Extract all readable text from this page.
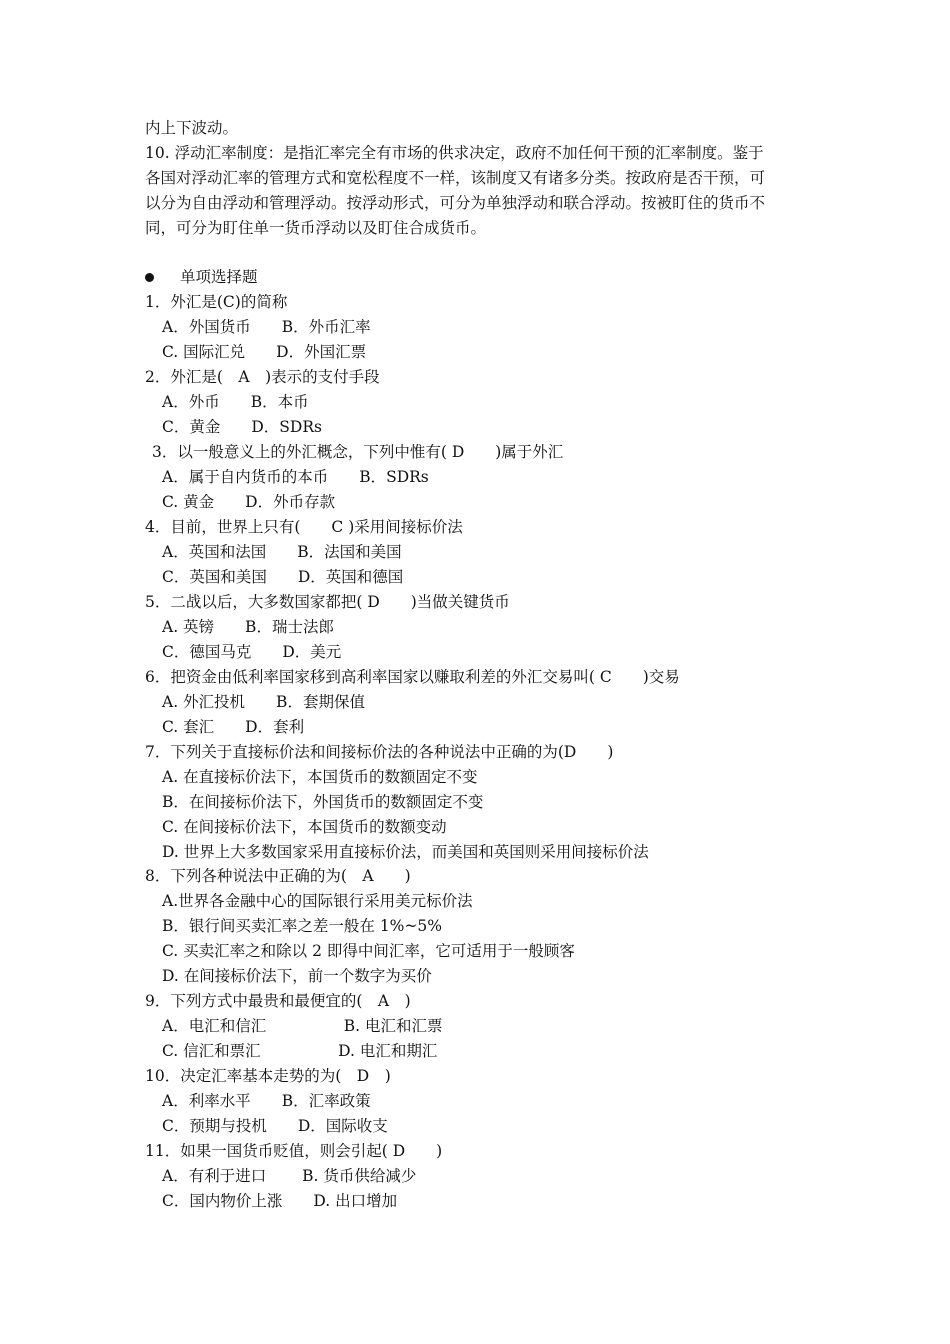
内上下波动。
10. 浮动汇率制度：是指汇率完全有市场的供求决定，政府不加任何干预的汇率制度。鉴于
各国对浮动汇率的管理方式和宽松程度不一样，该制度又有诸多分类。按政府是否干预，可
以分为自由浮动和管理浮动。按浮动形式，可分为单独浮动和联合浮动。按被盯住的货币不
同，可分为盯住单一货币浮动以及盯住合成货币。
单项选择题
1．外汇是(C)的简称
A．外国货币　　B．外币汇率
C. 国际汇兑　　D．外国汇票
2．外汇是(　A　)表示的支付手段
A．外币　　B．本币
C．黄金　　D．SDRs
3．以一般意义上的外汇概念，下列中惟有( D　　)属于外汇
A．属于自内货币的本币　　B．SDRs
C. 黄金　　D．外币存款
4．目前，世界上只有(　　C )采用间接标价法
A．英国和法国　　B．法国和美国
C．英国和美国　　D．英国和德国
5．二战以后，大多数国家都把( D　　)当做关键货币
A. 英镑　　B．瑞士法郎
C．德国马克　　D．美元
6．把资金由低利率国家移到高利率国家以赚取利差的外汇交易叫( C　　)交易
A. 外汇投机　　B．套期保值
C. 套汇　　D．套利
7．下列关于直接标价法和间接标价法的各种说法中正确的为(D　　)
A. 在直接标价法下，本国货币的数额固定不变
B．在间接标价法下，外国货币的数额固定不变
C. 在间接标价法下，本国货币的数额变动
D. 世界上大多数国家采用直接标价法，而美国和英国则采用间接标价法
8．下列各种说法中正确的为(　A　　)
A.世界各金融中心的国际银行采用美元标价法
B．银行间买卖汇率之差一般在 1%~5%
C. 买卖汇率之和除以 2 即得中间汇率，它可适用于一般顾客
D. 在间接标价法下，前一个数字为买价
9．下列方式中最贵和最便宜的(　A　)
A．电汇和信汇　　　　　B. 电汇和汇票
C. 信汇和票汇　　　　　D. 电汇和期汇
10．决定汇率基本走势的为(　D　)
A．利率水平　　B．汇率政策
C．预期与投机　　D．国际收支
11．如果一国货币贬值，则会引起( D　　)
A．有利于进口　　 B. 货币供给减少
C．国内物价上涨　　D. 出口增加
